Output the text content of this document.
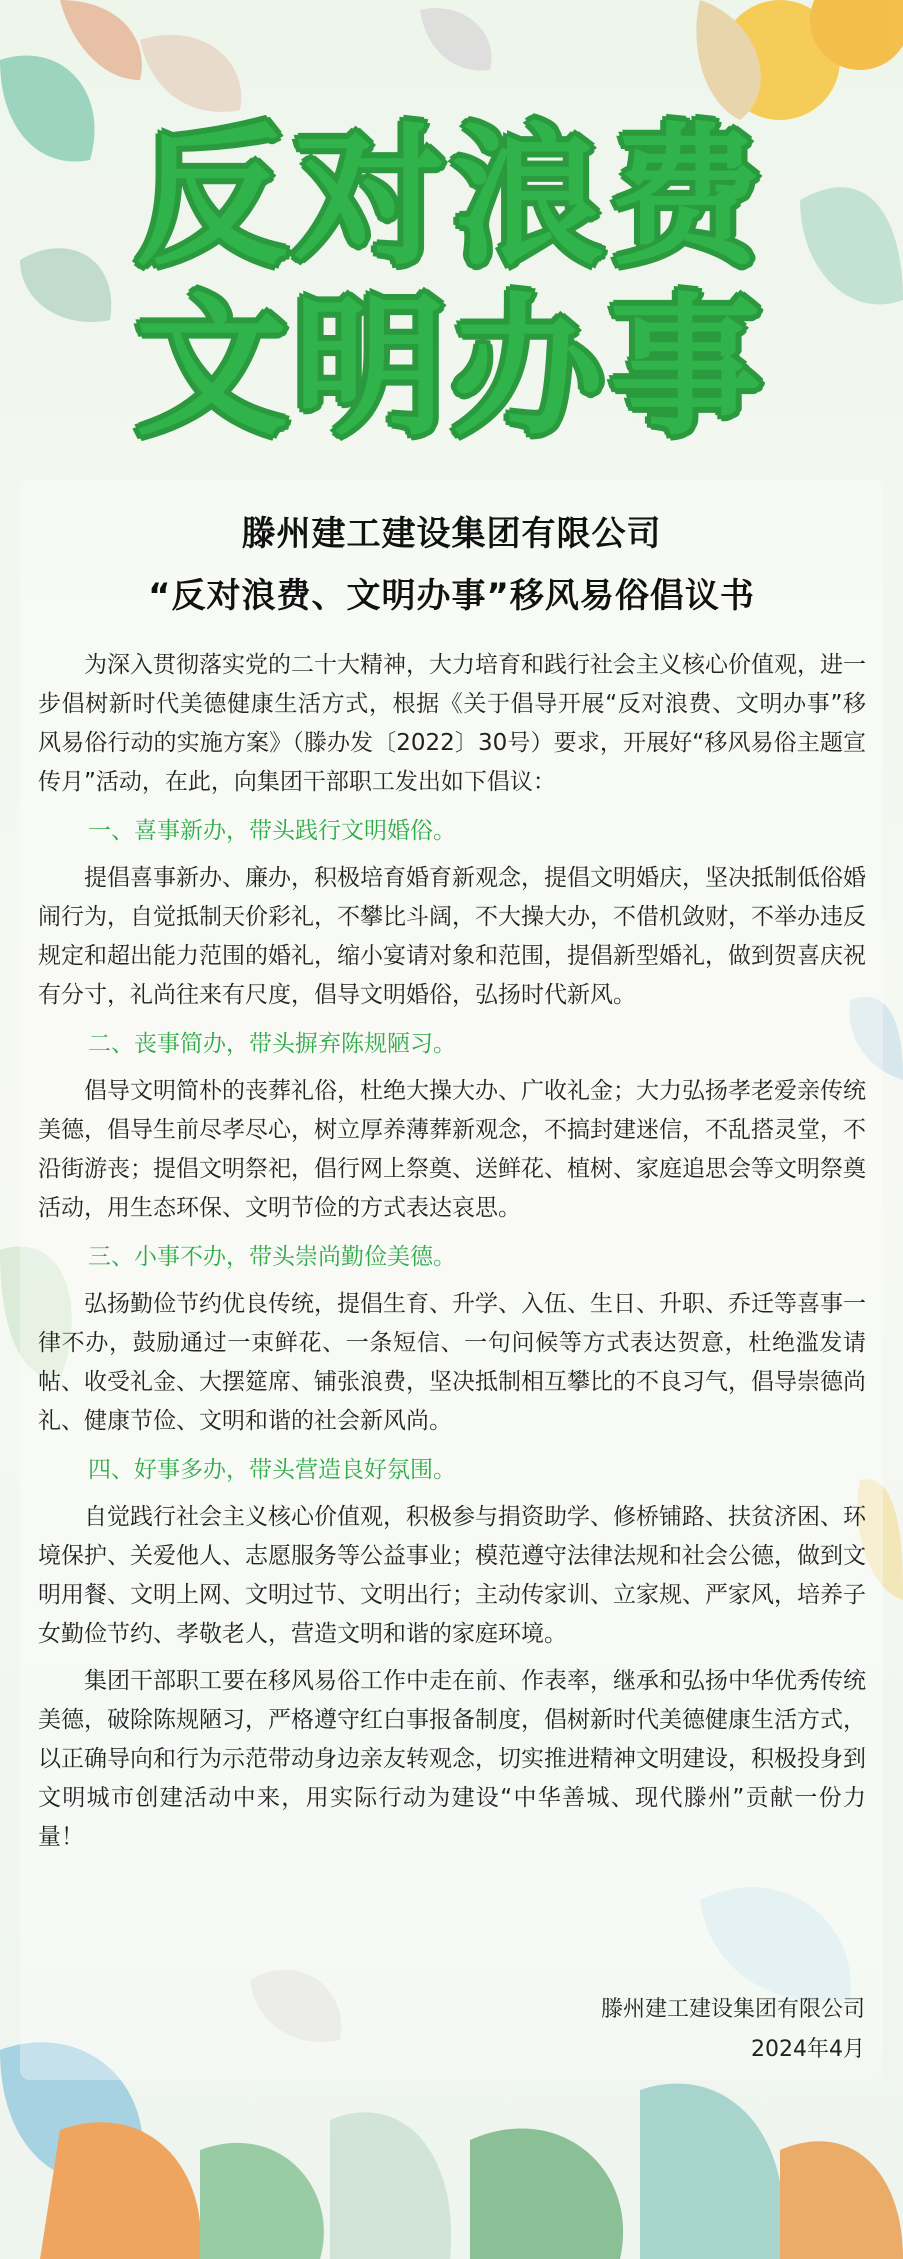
反对浪费
文明办事
滕州建工建设集团有限公司
“反对浪费、文明办事”移风易俗倡议书

为深入贯彻落实党的二十大精神，大力培育和践行社会主义核心价值观，进一步倡树新时代美德健康生活方式，根据《关于倡导开展“反对浪费、文明办事”移风易俗行动的实施方案》（滕办发〔2022〕30号）要求，开展好“移风易俗主题宣传月”活动，在此，向集团干部职工发出如下倡议：

一、喜事新办，带头践行文明婚俗。

提倡喜事新办、廉办，积极培育婚育新观念，提倡文明婚庆，坚决抵制低俗婚闹行为，自觉抵制天价彩礼，不攀比斗阔，不大操大办，不借机敛财，不举办违反规定和超出能力范围的婚礼，缩小宴请对象和范围，提倡新型婚礼，做到贺喜庆祝有分寸，礼尚往来有尺度，倡导文明婚俗，弘扬时代新风。

二、丧事简办，带头摒弃陈规陋习。

倡导文明简朴的丧葬礼俗，杜绝大操大办、广收礼金；大力弘扬孝老爱亲传统美德，倡导生前尽孝尽心，树立厚养薄葬新观念，不搞封建迷信，不乱搭灵堂，不沿街游丧；提倡文明祭祀，倡行网上祭奠、送鲜花、植树、家庭追思会等文明祭奠活动，用生态环保、文明节俭的方式表达哀思。

三、小事不办，带头崇尚勤俭美德。

弘扬勤俭节约优良传统，提倡生育、升学、入伍、生日、升职、乔迁等喜事一律不办，鼓励通过一束鲜花、一条短信、一句问候等方式表达贺意，杜绝滥发请帖、收受礼金、大摆筵席、铺张浪费，坚决抵制相互攀比的不良习气，倡导崇德尚礼、健康节俭、文明和谐的社会新风尚。

四、好事多办，带头营造良好氛围。

自觉践行社会主义核心价值观，积极参与捐资助学、修桥铺路、扶贫济困、环境保护、关爱他人、志愿服务等公益事业；模范遵守法律法规和社会公德，做到文明用餐、文明上网、文明过节、文明出行；主动传家训、立家规、严家风，培养子女勤俭节约、孝敬老人，营造文明和谐的家庭环境。

集团干部职工要在移风易俗工作中走在前、作表率，继承和弘扬中华优秀传统美德，破除陈规陋习，严格遵守红白事报备制度，倡树新时代美德健康生活方式，以正确导向和行为示范带动身边亲友转观念，切实推进精神文明建设，积极投身到文明城市创建活动中来，用实际行动为建设“中华善城、现代滕州”贡献一份力量！

滕州建工建设集团有限公司
2024年4月
